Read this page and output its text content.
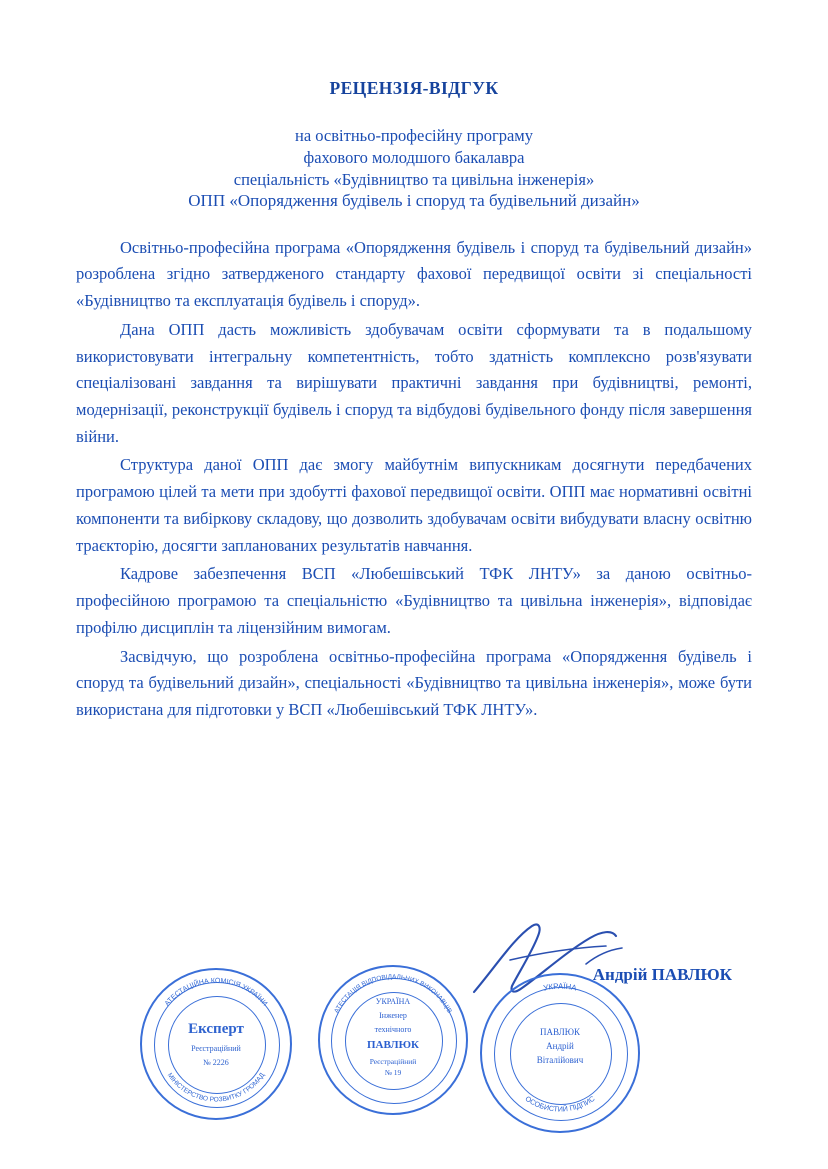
РЕЦЕНЗІЯ-ВІДГУК
на освітньо-професійну програму
фахового молодшого бакалавра
спеціальність «Будівництво та цивільна інженерія»
ОПП «Опорядження будівель і споруд та будівельний дизайн»

Освітньо-професійна програма «Опорядження будівель і споруд та будівельний дизайн» розроблена згідно затвердженого стандарту фахової передвищої освіти зі спеціальності «Будівництво та експлуатація будівель і споруд».

Дана ОПП дасть можливість здобувачам освіти сформувати та в подальшому використовувати інтегральну компетентність, тобто здатність комплексно розв'язувати спеціалізовані завдання та вирішувати практичні завдання при будівництві, ремонті, модернізації, реконструкції будівель і споруд та відбудові будівельного фонду після завершення війни.

Структура даної ОПП дає змогу майбутнім випускникам досягнути передбачених програмою цілей та мети при здобутті фахової передвищої освіти. ОПП має нормативні освітні компоненти та вибіркову складову, що дозволить здобувачам освіти вибудувати власну освітню траєкторію, досягти запланованих результатів навчання.

Кадрове забезпечення ВСП «Любешівський ТФК ЛНТУ» за даною освітньо-професійною програмою та спеціальністю «Будівництво та цивільна інженерія», відповідає профілю дисциплін та ліцензійним вимогам.

Засвідчую, що розроблена освітньо-професійна програма «Опорядження будівель і споруд та будівельний дизайн», спеціальності «Будівництво та цивільна інженерія», може бути використана для підготовки у ВСП «Любешівський ТФК ЛНТУ».

Андрій ПАВЛЮК
АТЕСТАЦІЙНА КОМІСІЯ УКРАЇНИ
МІНІСТЕРСТВО РОЗВИТКУ ГРОМАД
Експерт
Реєстраційний
№ 2226
АТЕСТАЦІЯ ВІДПОВІДАЛЬНИХ ВИКОНАВЦІВ
УКРАЇНА
Інженер
технічного
ПАВЛЮК
Реєстраційний
№ 19
УКРАЇНА
ОСОБИСТИЙ ПІДПИС
ПАВЛЮК
Андрій
Віталійович
